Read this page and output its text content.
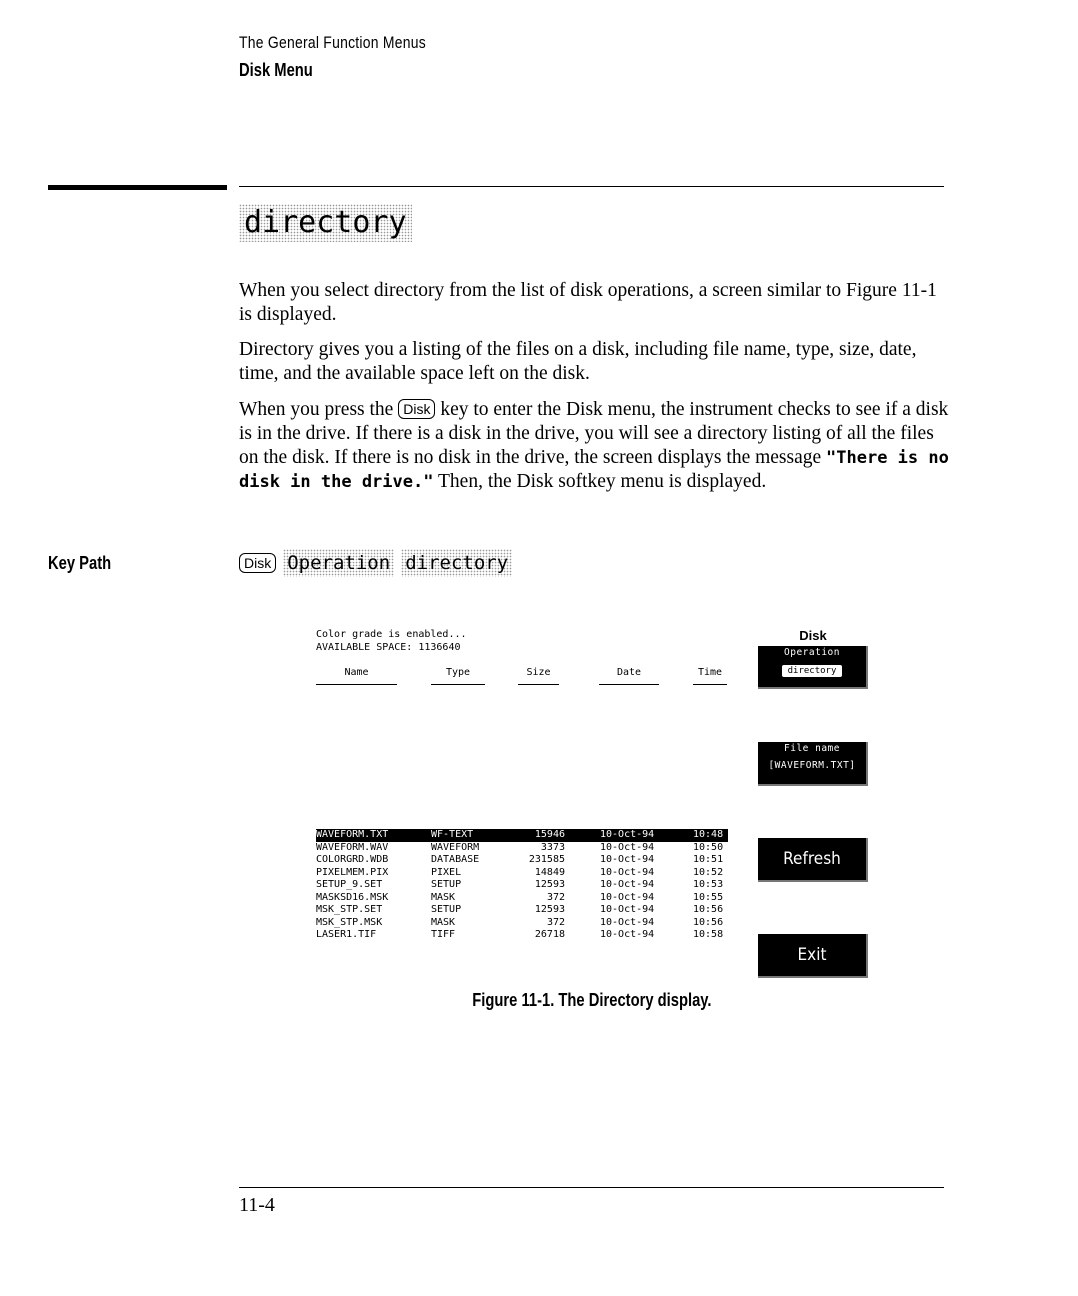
The General Function Menus
Disk Menu
directory

When you select directory from the list of disk operations, a screen similar to Figure 11-1 is displayed.

Directory gives you a listing of the files on a disk, including file name, type, size, date, time, and the available space left on the disk.

When you press the Disk key to enter the Disk menu, the instrument checks to see if a disk is in the drive. If there is a disk in the drive, you will see a directory listing of all the files on the disk. If there is no disk in the drive, the screen displays the message "There is no disk in the drive." Then, the Disk softkey menu is displayed.

Key Path	Disk Operation directory
Color grade is enabled...
AVAILABLE SPACE: 1136640
Name	Type	Size	Date	Time
WAVEFORM.TXT	WF-TEXT	15946	10-Oct-94	10:48
WAVEFORM.WAV	WAVEFORM	3373	10-Oct-94	10:50
COLORGRD.WDB	DATABASE	231585	10-Oct-94	10:51
PIXELMEM.PIX	PIXEL	14849	10-Oct-94	10:52
SETUP_9.SET	SETUP	12593	10-Oct-94	10:53
MASKSD16.MSK	MASK	372	10-Oct-94	10:55
MSK_STP.SET	SETUP	12593	10-Oct-94	10:56
MSK_STP.MSK	MASK	372	10-Oct-94	10:56
LASER1.TIF	TIFF	26718	10-Oct-94	10:58
Disk
Operation
directory
File name
[WAVEFORM.TXT]
Refresh
Exit
Figure 11-1. The Directory display.
11-4
